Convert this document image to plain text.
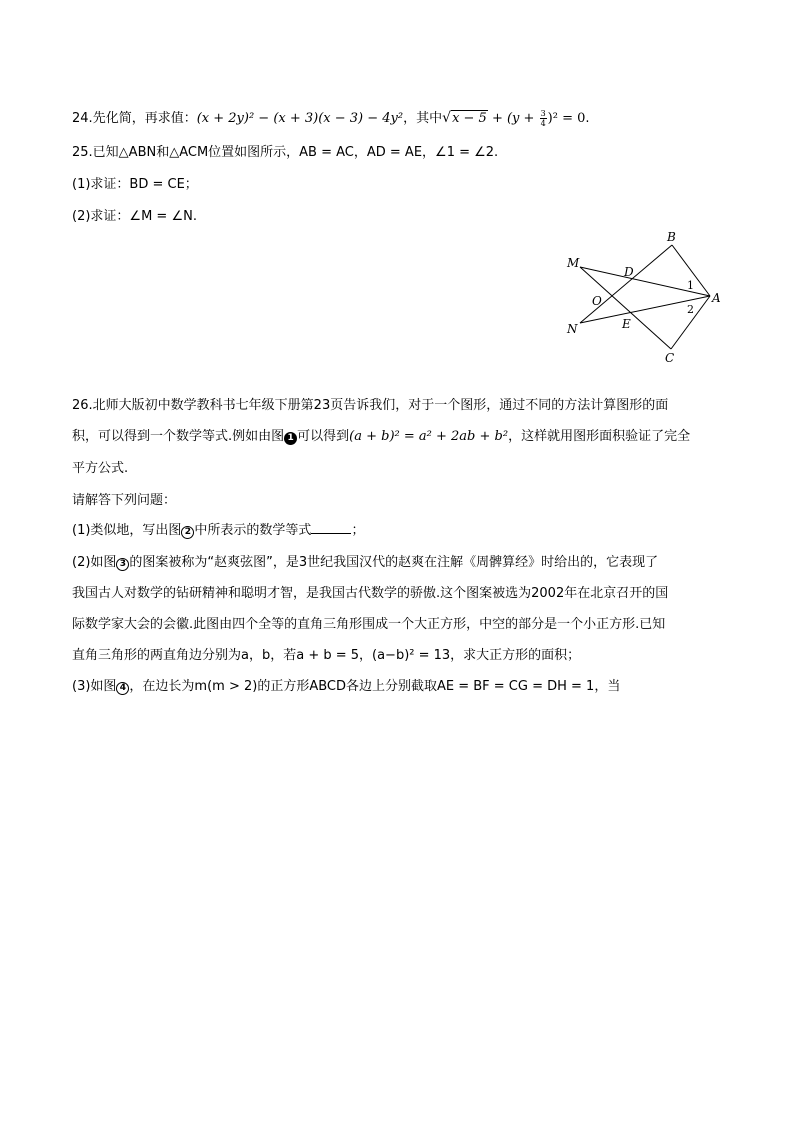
24.先化简，再求值：(x + 2y)² − (x + 3)(x − 3) − 4y²，其中$√x - 5 + (y + \frac{3}{4} )^2 = 0$.
25.已知△ABN和△ACM位置如图所示，AB = AC，AD = AE，∠1 = ∠2.
(1)求证：BD = CE；
(2)求证：∠M = ∠N.
B
M
D
O	A
N	E
C
1
2
26.北师大版初中数学教科书七年级下册第23页告诉我们，对于一个图形，通过不同的方法计算图形的面
积，可以得到一个数学等式.例如由图 1 可以得到(a + b)² = a² + 2ab + b²，这样就用图形面积验证了完全
平方公式.
请解答下列问题：
(1)类似地，写出图 2 中所表示的数学等式	；
(2)如图 3 的图案被称为“赵爽弦图”，是3世纪我国汉代的赵爽在注解《周髀算经》时给出的，它表现了
我国古人对数学的钻研精神和聪明才智，是我国古代数学的骄傲.这个图案被选为2002年在北京召开的国
际数学家大会的会徽.此图由四个全等的直角三角形围成一个大正方形，中空的部分是一个小正方形.已知
直角三角形的两直角边分别为a，b，若a + b = 5，(a−b)² = 13，求大正方形的面积；
(3)如图 4 ，在边长为m(m > 2)的正方形ABCD各边上分别截取AE = BF = CG = DH = 1，当
